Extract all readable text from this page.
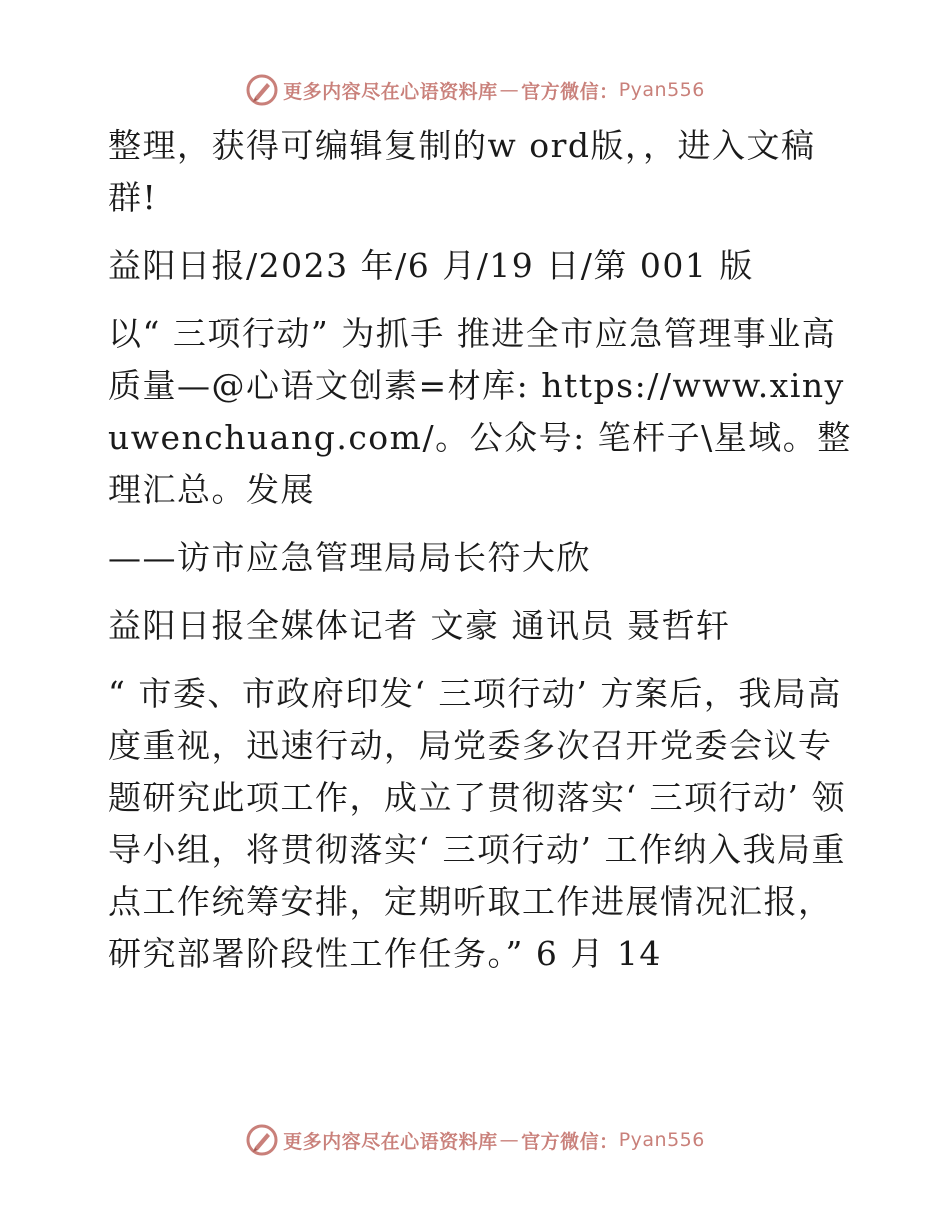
更多内容尽在心语资料库 — 官方微信： Pyan556

整理，获得可编辑复制的w ord版，，进入文稿群!

益阳日报/2023 年/6 月/19 日/第 001 版

以“ 三项行动” 为抓手 推进全市应急管理事业高质量—@心语文创素=材库: https://www.xinyuwenchuang.com/。公众号: 笔杆子\星域。整理汇总。发展

——访市应急管理局局长符大欣

益阳日报全媒体记者 文豪 通讯员 聂哲轩

“ 市委、市政府印发‘ 三项行动’ 方案后，我局高度重视，迅速行动，局党委多次召开党委会议专题研究此项工作，成立了贯彻落实‘ 三项行动’ 领导小组，将贯彻落实‘ 三项行动’ 工作纳入我局重点工作统筹安排，定期听取工作进展情况汇报，研究部署阶段性工作任务。” 6 月 14

更多内容尽在心语资料库 — 官方微信： Pyan556
